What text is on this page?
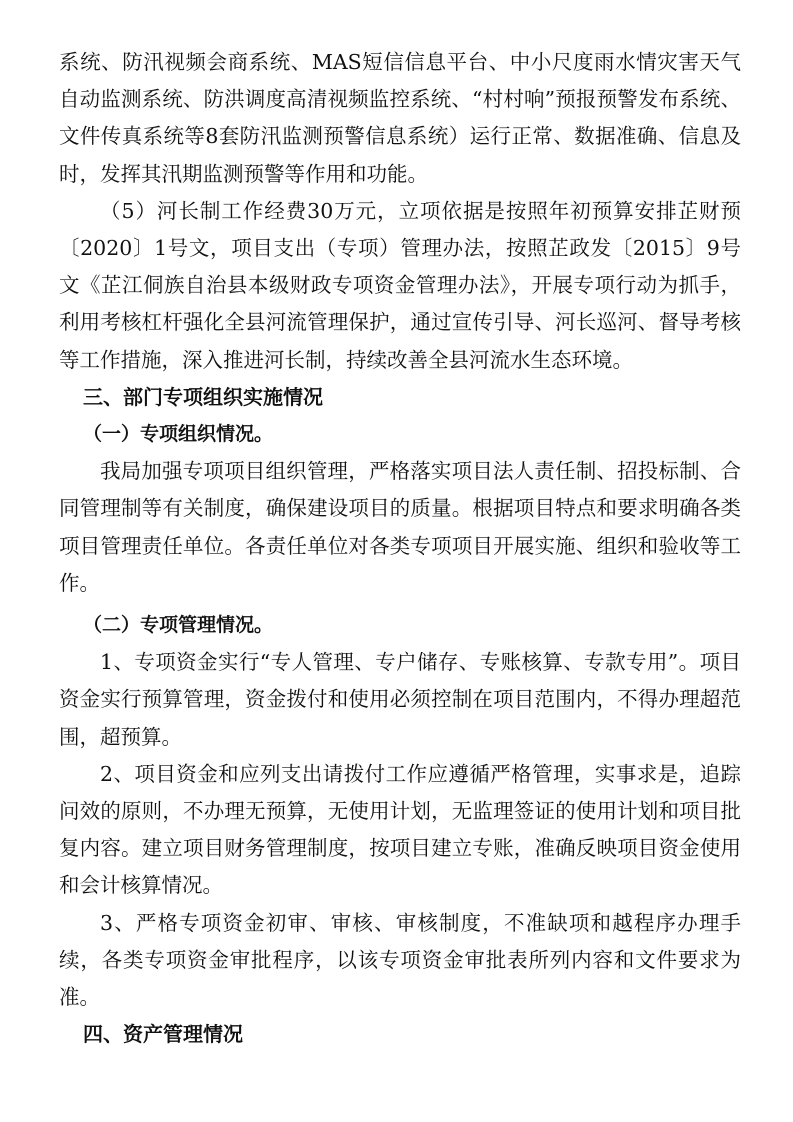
系统、防汛视频会商系统、MAS短信信息平台、中小尺度雨水情灾害天气自动监测系统、防洪调度高清视频监控系统、“村村响”预报预警发布系统、文件传真系统等8套防汛监测预警信息系统）运行正常、数据准确、信息及时，发挥其汛期监测预警等作用和功能。

（5）河长制工作经费30万元，立项依据是按照年初预算安排芷财预〔2020〕1号文，项目支出（专项）管理办法，按照芷政发〔2015〕9号文《芷江侗族自治县本级财政专项资金管理办法》，开展专项行动为抓手，利用考核杠杆强化全县河流管理保护，通过宣传引导、河长巡河、督导考核等工作措施，深入推进河长制，持续改善全县河流水生态环境。

三、部门专项组织实施情况

（一）专项组织情况。

我局加强专项项目组织管理，严格落实项目法人责任制、招投标制、合同管理制等有关制度，确保建设项目的质量。根据项目特点和要求明确各类项目管理责任单位。各责任单位对各类专项项目开展实施、组织和验收等工作。

（二）专项管理情况。

1、专项资金实行“专人管理、专户储存、专账核算、专款专用”。项目资金实行预算管理，资金拨付和使用必须控制在项目范围内，不得办理超范围，超预算。

2、项目资金和应列支出请拨付工作应遵循严格管理，实事求是，追踪问效的原则，不办理无预算，无使用计划，无监理签证的使用计划和项目批复内容。建立项目财务管理制度，按项目建立专账，准确反映项目资金使用和会计核算情况。

3、严格专项资金初审、审核、审核制度，不准缺项和越程序办理手续，各类专项资金审批程序，以该专项资金审批表所列内容和文件要求为准。

四、资产管理情况
